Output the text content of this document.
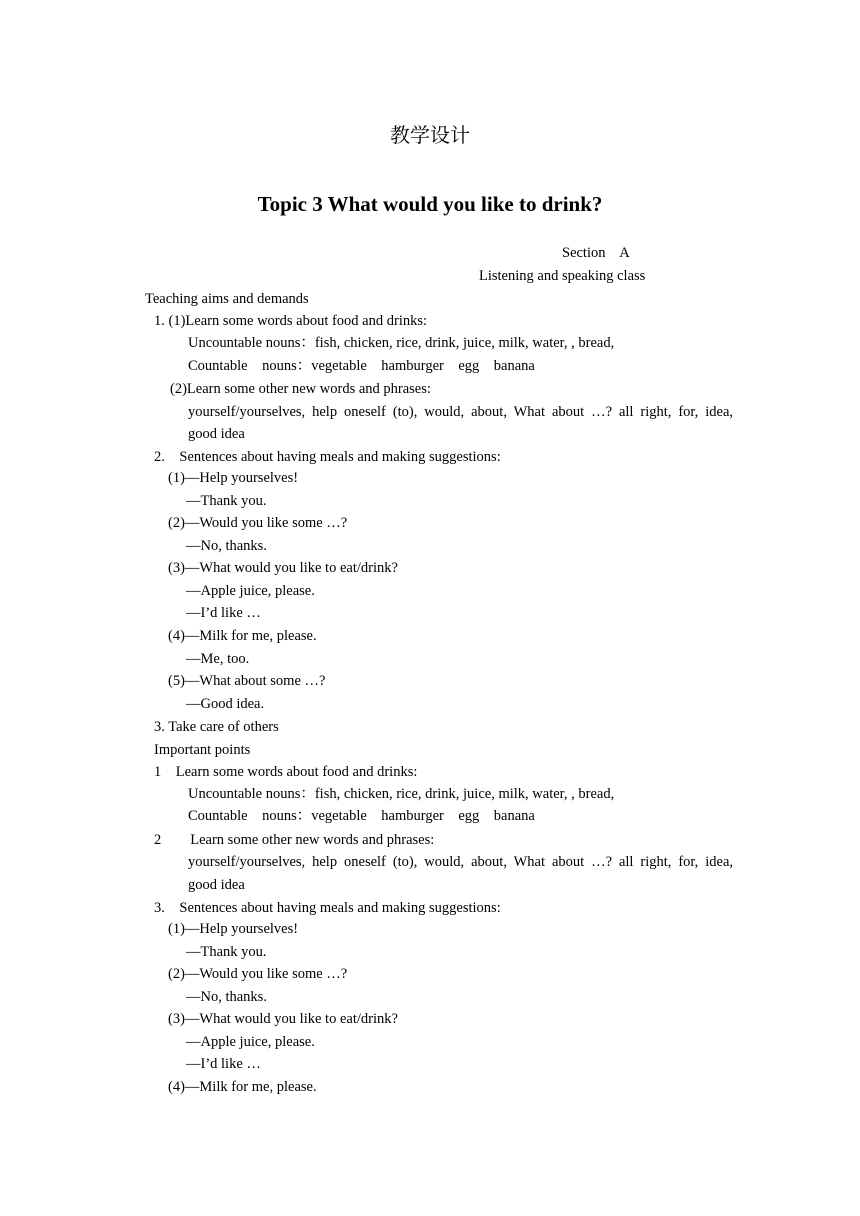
教学设计
Topic 3 What would you like to drink?
Section    A
Listening and speaking class
Teaching aims and demands
1. (1)Learn some words about food and drinks:
Uncountable nouns：fish, chicken, rice, drink, juice, milk, water, , bread,
Countable    nouns：vegetable    hamburger    egg    banana
(2)Learn some other new words and phrases:
yourself/yourselves, help oneself (to), would, about, What about …? all right, for, idea,
good idea
2.    Sentences about having meals and making suggestions:
(1)—Help yourselves!
—Thank you.
(2)—Would you like some …?
—No, thanks.
(3)—What would you like to eat/drink?
—Apple juice, please.
—I’d like …
(4)—Milk for me, please.
—Me, too.
(5)—What about some …?
—Good idea.
3. Take care of others
Important points
1    Learn some words about food and drinks:
Uncountable nouns：fish, chicken, rice, drink, juice, milk, water, , bread,
Countable    nouns：vegetable    hamburger    egg    banana
2        Learn some other new words and phrases:
yourself/yourselves, help oneself (to), would, about, What about …? all right, for, idea,
good idea
3.    Sentences about having meals and making suggestions:
(1)—Help yourselves!
—Thank you.
(2)—Would you like some …?
—No, thanks.
(3)—What would you like to eat/drink?
—Apple juice, please.
—I’d like …
(4)—Milk for me, please.
